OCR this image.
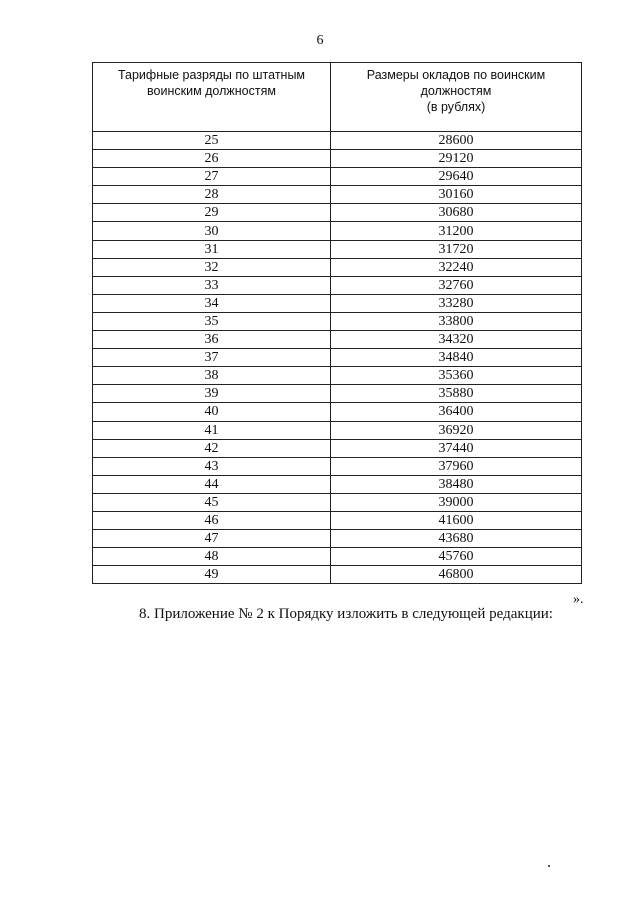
6
Тарифные разряды по штатным
воинским должностям	Размеры окладов по воинским
должностям
(в рублях)

25	28600
26	29120
27	29640
28	30160
29	30680
30	31200
31	31720
32	32240
33	32760
34	33280
35	33800
36	34320
37	34840
38	35360
39	35880
40	36400
41	36920
42	37440
43	37960
44	38480
45	39000
46	41600
47	43680
48	45760
49	46800
».
8. Приложение № 2 к Порядку изложить в следующей редакции:
